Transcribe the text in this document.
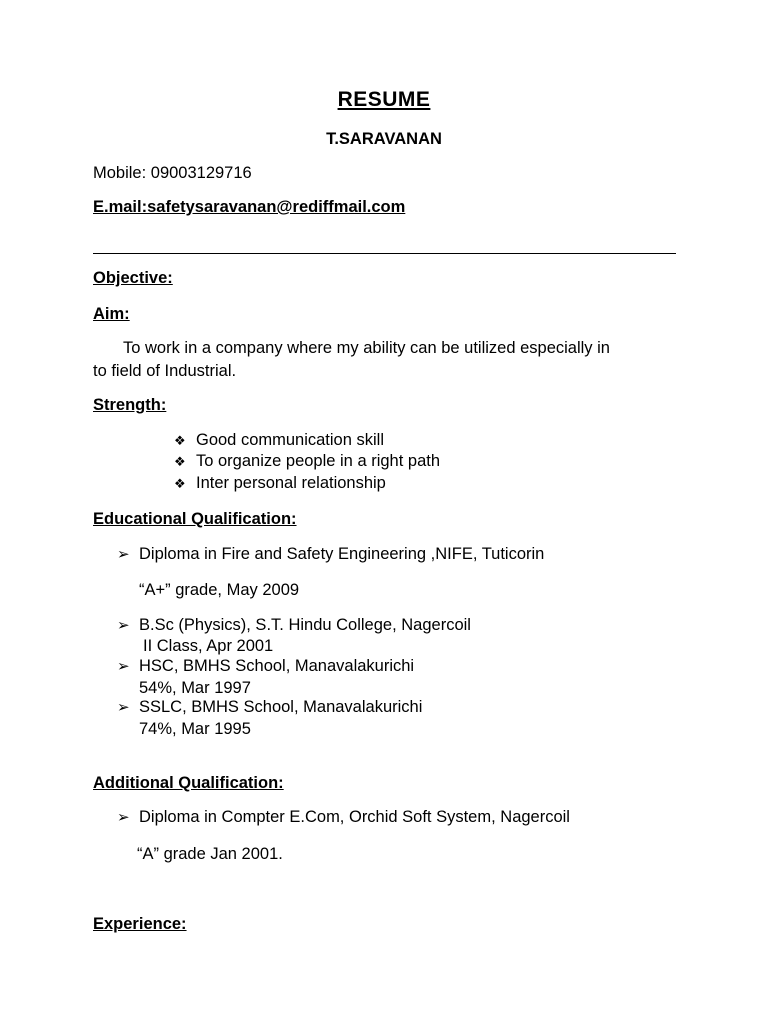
RESUME
T.SARAVANAN
Mobile: 09003129716
E.mail:safetysaravanan@rediffmail.com
Objective:
Aim:
To work in a company where my ability can be utilized especially in
to field of Industrial.
Strength:
❖ Good communication skill
❖ To organize people in a right path
❖ Inter personal relationship
Educational Qualification:
➢ Diploma in Fire and Safety Engineering ,NIFE, Tuticorin
“A+” grade, May 2009
➢ B.Sc (Physics), S.T. Hindu College, Nagercoil
II Class, Apr 2001
➢ HSC, BMHS School, Manavalakurichi
54%, Mar 1997
➢ SSLC, BMHS School, Manavalakurichi
74%, Mar 1995
Additional Qualification:
➢ Diploma in Compter E.Com, Orchid Soft System, Nagercoil
“A” grade Jan 2001.
Experience:
